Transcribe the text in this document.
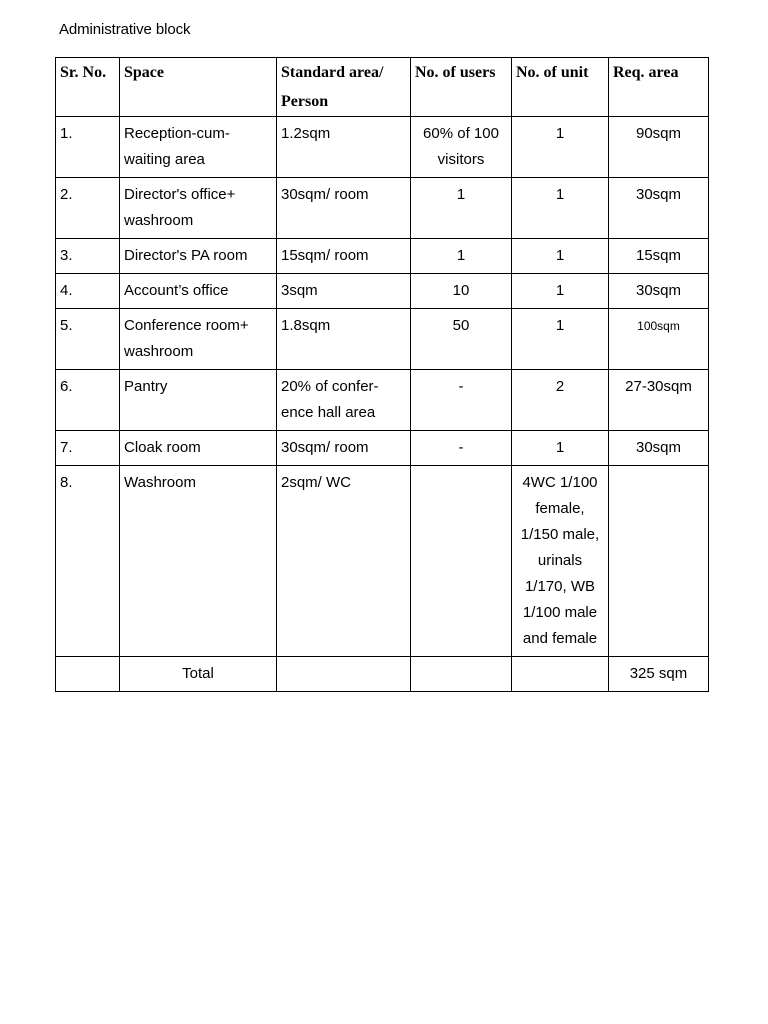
Administrative block
Sr. No.	Space	Standard area/ Person	No. of users	No. of unit	Req. area
1.	Reception-cum-waiting area	1.2sqm	60% of 100 visitors	1	90sqm
2.	Director's office+ washroom	30sqm/ room	1	1	30sqm
3.	Director's PA room	15sqm/ room	1	1	15sqm
4.	Account’s office	3sqm	10	1	30sqm
5.	Conference room+ washroom	1.8sqm	50	1	100sqm
6.	Pantry	20% of confer-ence hall area	-	2	27-30sqm
7.	Cloak room	30sqm/ room	-	1	30sqm
8.	Washroom	2sqm/ WC		4WC 1/100 female, 1/150 male, urinals 1/170, WB 1/100 male and female	
	Total				325 sqm
